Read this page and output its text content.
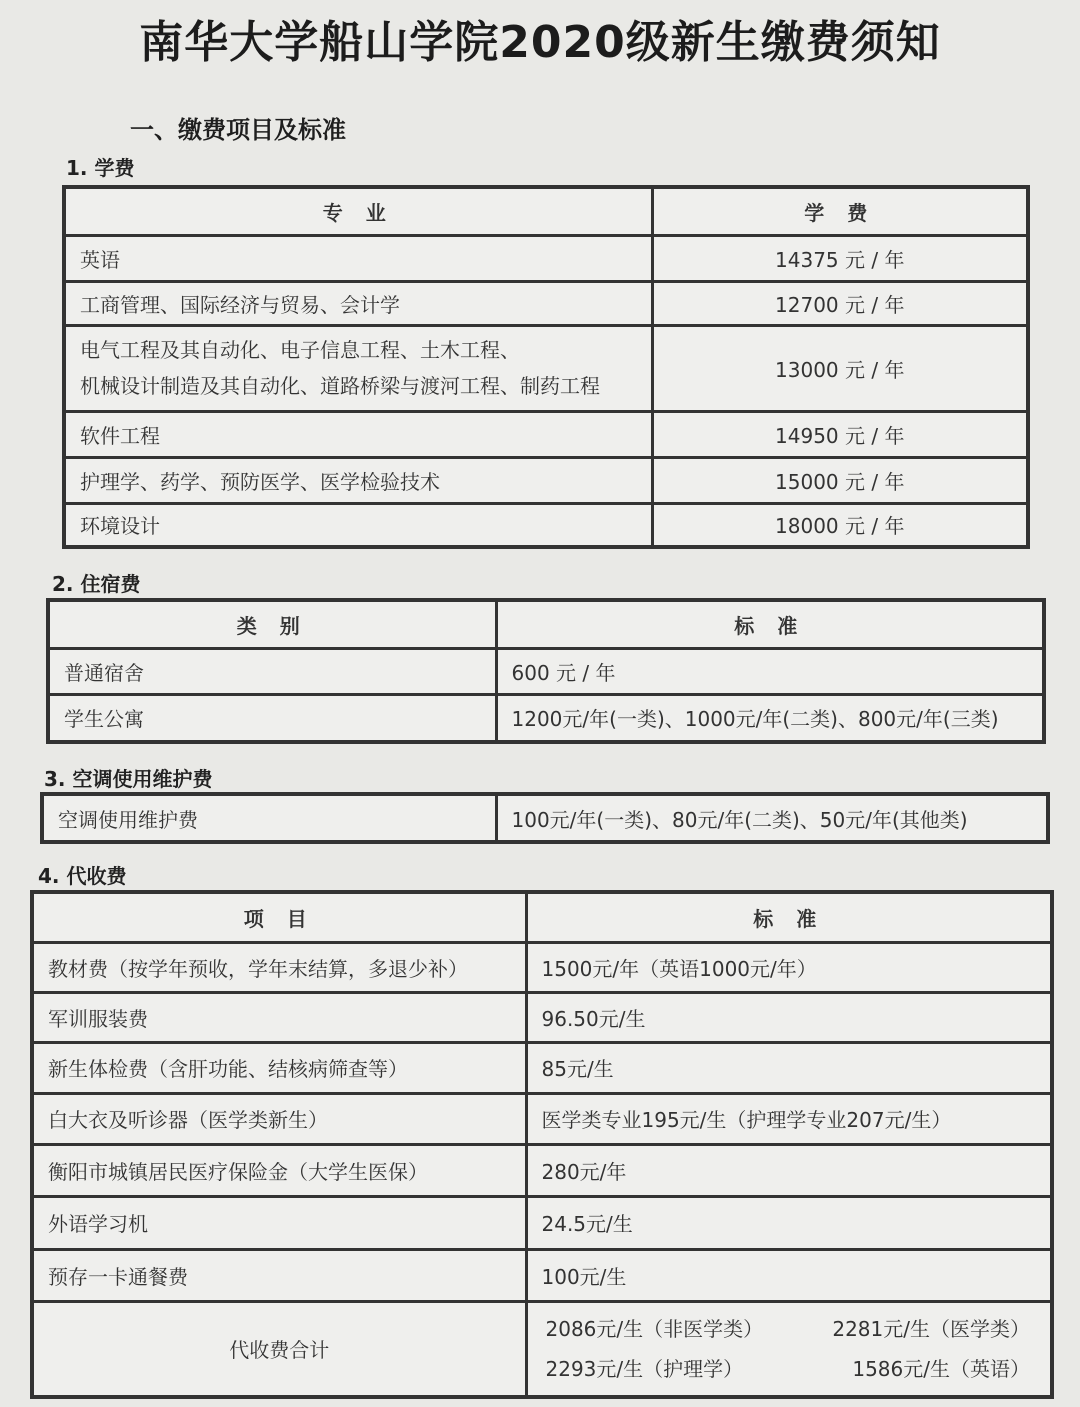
南华大学船山学院2020级新生缴费须知
一、缴费项目及标准
1. 学费
专 业	学 费
英语	14375 元 / 年
工商管理、国际经济与贸易、会计学	12700 元 / 年

电气工程及其自动化、电子信息工程、土木工程、
机械设计制造及其自动化、道路桥梁与渡河工程、制药工程	13000 元 / 年
软件工程	14950 元 / 年
护理学、药学、预防医学、医学检验技术	15000 元 / 年
环境设计	18000 元 / 年
2. 住宿费
类 别	标 准
普通宿舍	600 元 / 年
学生公寓	1200元/年(一类)、1000元/年(二类)、800元/年(三类)
3. 空调使用维护费
空调使用维护费	100元/年(一类)、80元/年(二类)、50元/年(其他类)
4. 代收费
项 目	标 准
教材费（按学年预收，学年末结算，多退少补）	1500元/年（英语1000元/年）
军训服装费	96.50元/生
新生体检费（含肝功能、结核病筛查等）	85元/生
白大衣及听诊器（医学类新生）	医学类专业195元/生（护理学专业207元/生）
衡阳市城镇居民医疗保险金（大学生医保）	280元/年
外语学习机	24.5元/生
预存一卡通餐费	100元/生
代收费合计	2086元/生（非医学类） 2281元/生（医学类）
2293元/生（护理学） 1586元/生（英语）
